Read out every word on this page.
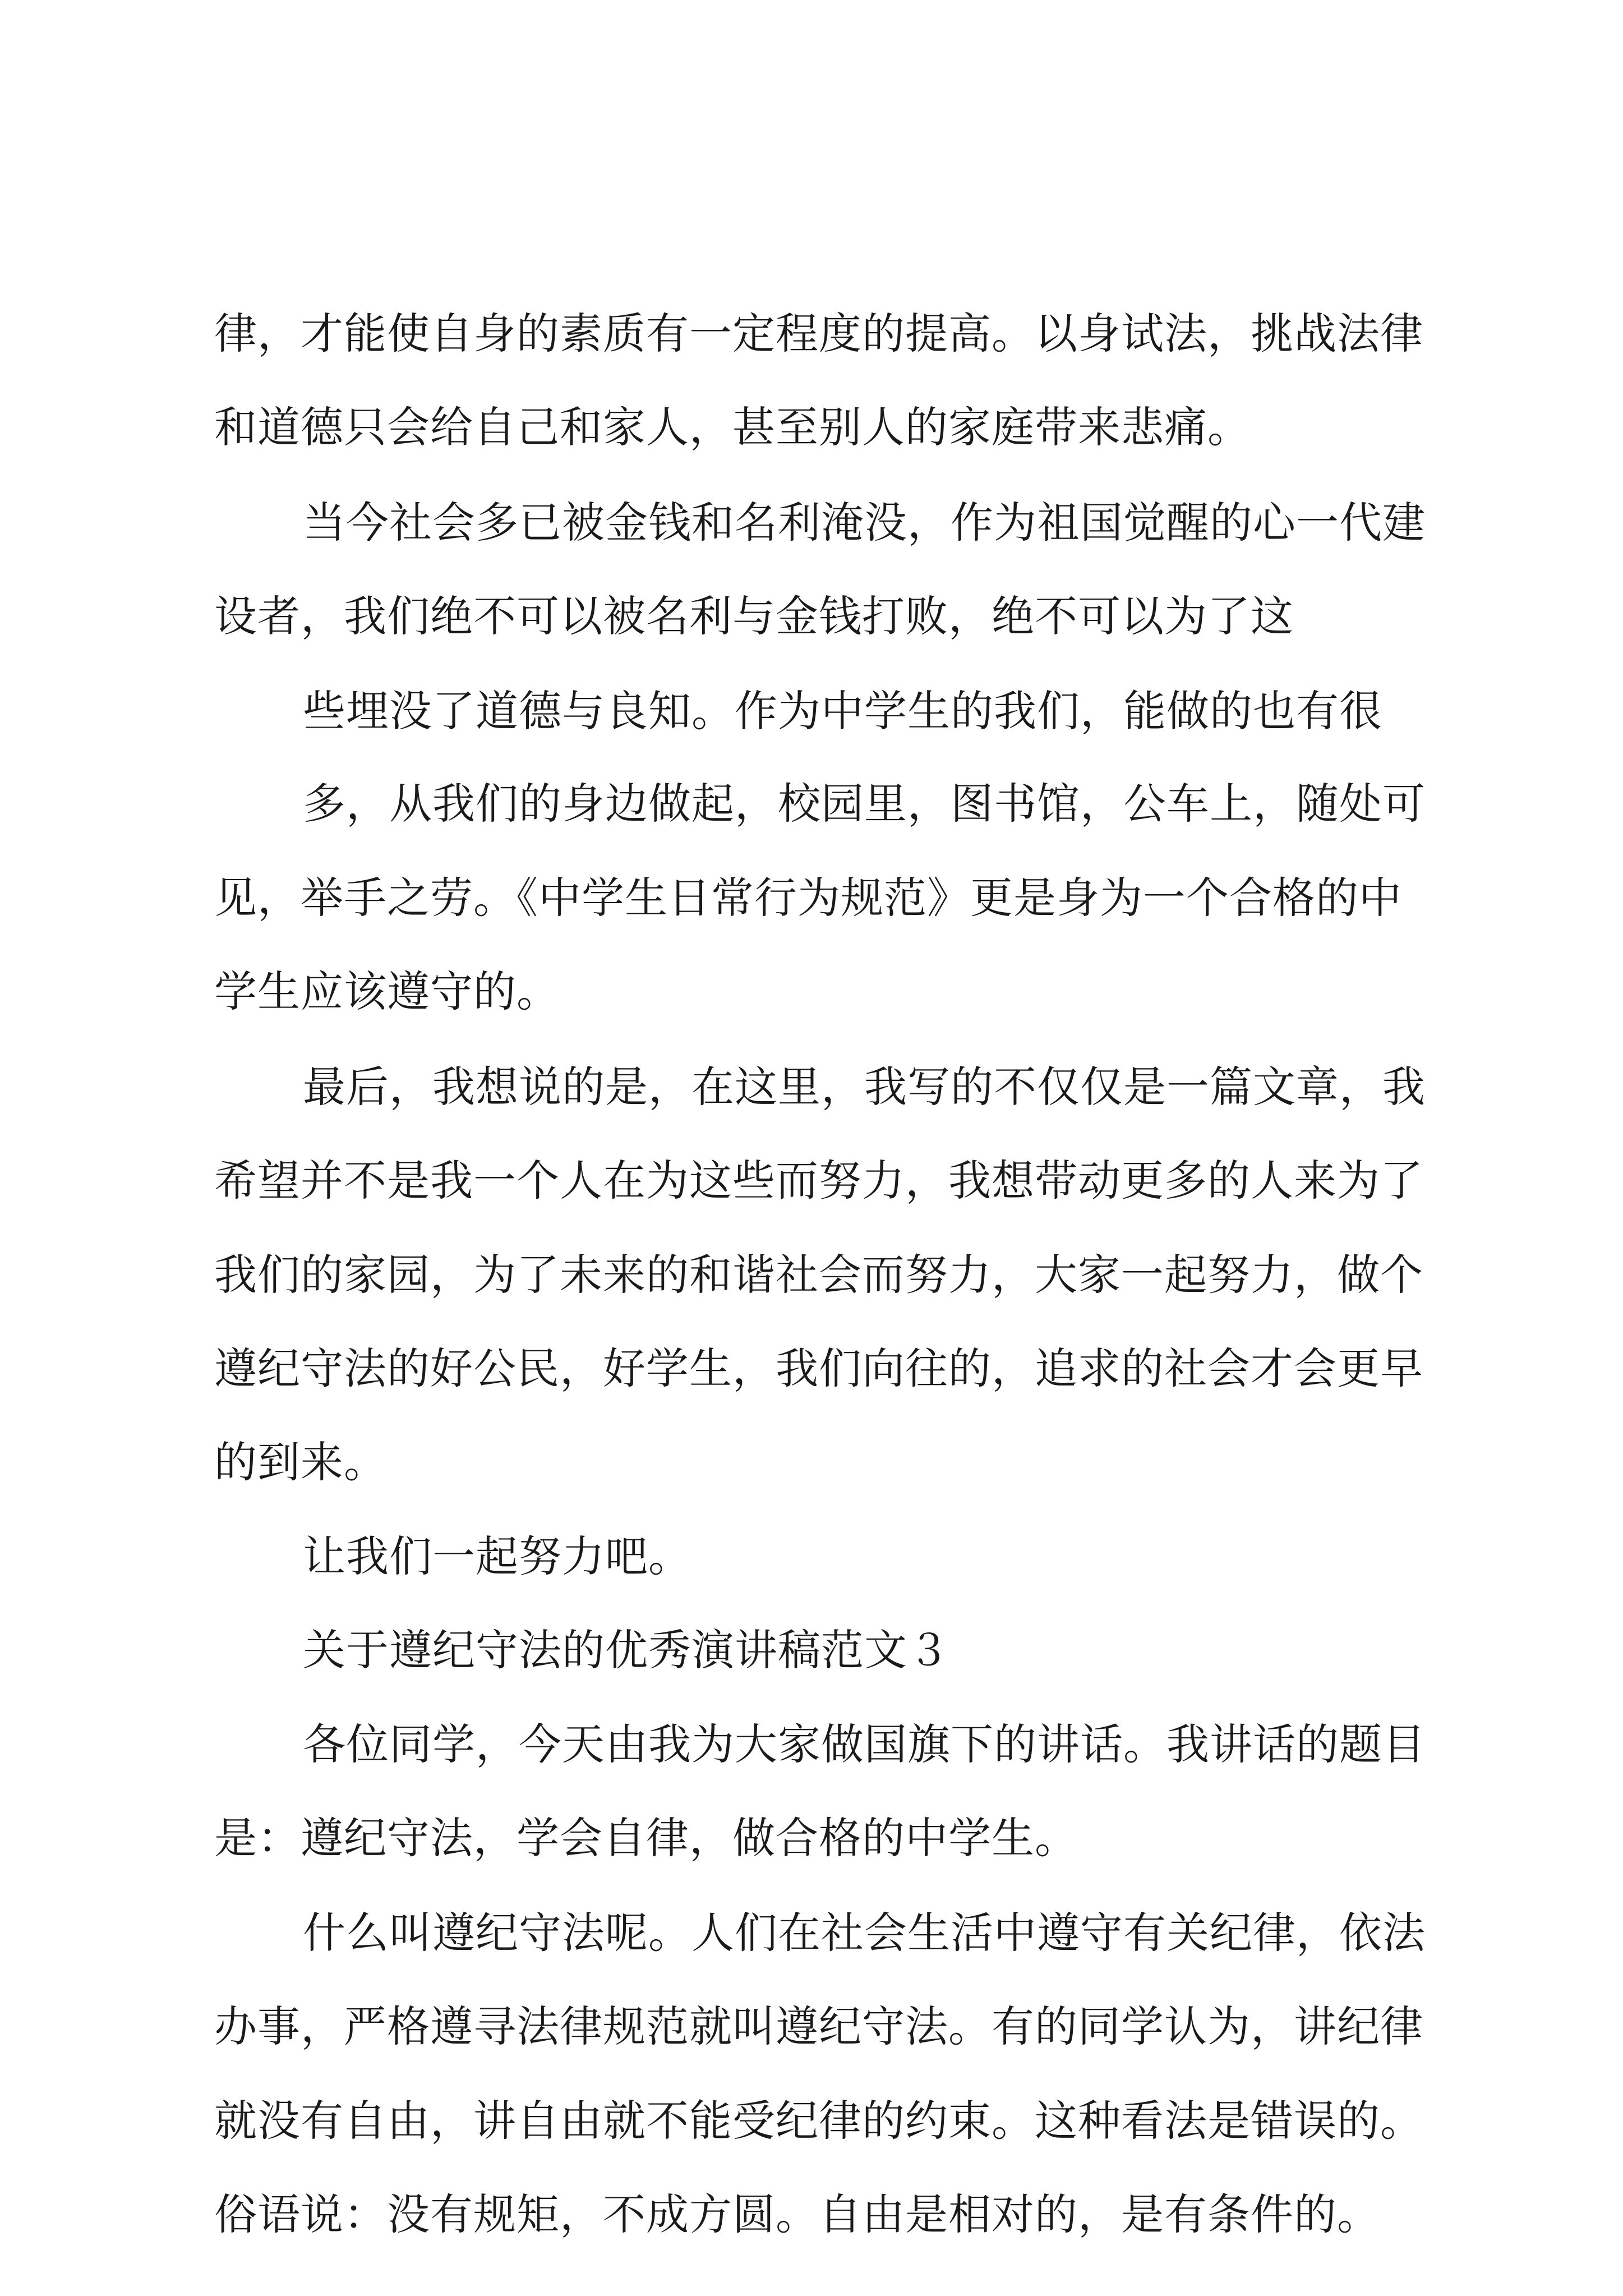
律，才能使自身的素质有一定程度的提高。以身试法，挑战法律
和道德只会给自己和家人，甚至别人的家庭带来悲痛。
当今社会多已被金钱和名利淹没，作为祖国觉醒的心一代建
设者，我们绝不可以被名利与金钱打败，绝不可以为了这
些埋没了道德与良知。作为中学生的我们，能做的也有很
多，从我们的身边做起，校园里，图书馆，公车上，随处可
见，举手之劳。《中学生日常行为规范》更是身为一个合格的中
学生应该遵守的。
最后，我想说的是，在这里，我写的不仅仅是一篇文章，我
希望并不是我一个人在为这些而努力，我想带动更多的人来为了
我们的家园，为了未来的和谐社会而努力，大家一起努力，做个
遵纪守法的好公民，好学生，我们向往的，追求的社会才会更早
的到来。
让我们一起努力吧。
关于遵纪守法的优秀演讲稿范文３
各位同学，今天由我为大家做国旗下的讲话。我讲话的题目
是：遵纪守法，学会自律，做合格的中学生。
什么叫遵纪守法呢。人们在社会生活中遵守有关纪律，依法
办事，严格遵寻法律规范就叫遵纪守法。有的同学认为，讲纪律
就没有自由，讲自由就不能受纪律的约束。这种看法是错误的。
俗语说：没有规矩，不成方圆。自由是相对的，是有条件的。
